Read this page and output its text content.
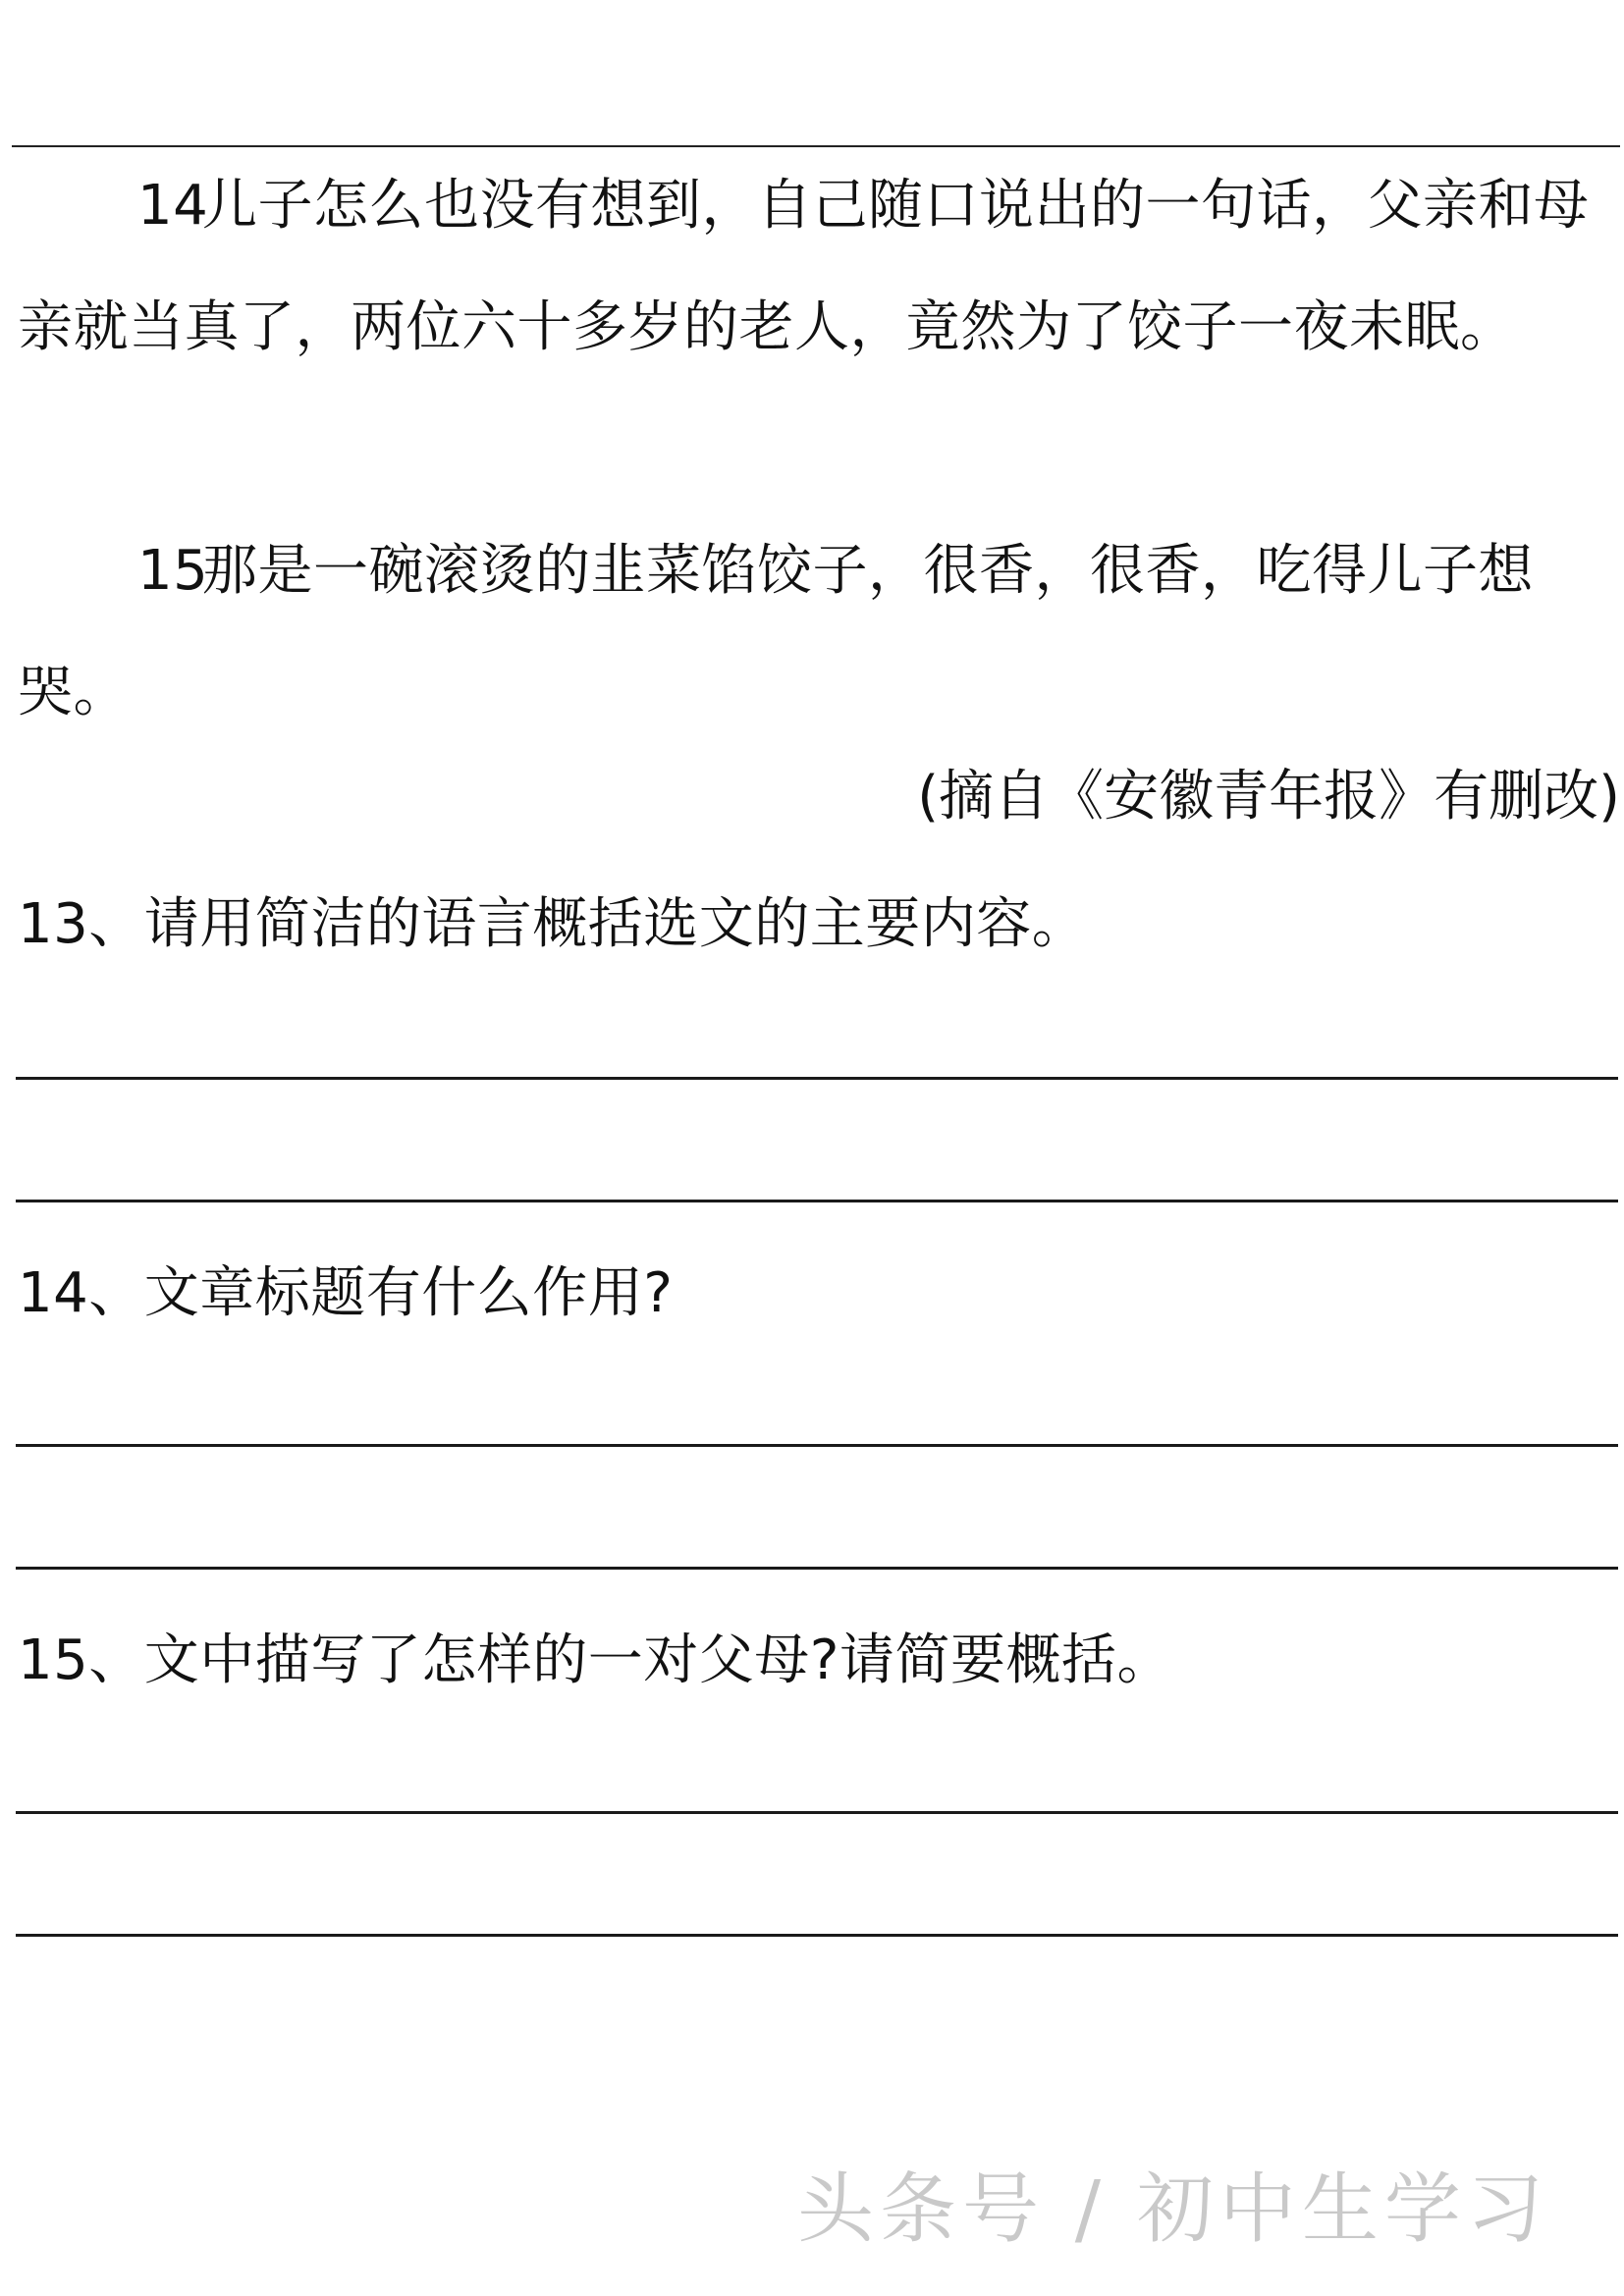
14儿子怎么也没有想到，自己随口说出的一句话，父亲和母亲就当真了，两位六十多岁的老人，竟然为了饺子一夜未眠。

15那是一碗滚烫的韭菜馅饺子，很香，很香，吃得儿子想哭。

(摘自《安徽青年报》有删改)
13、请用简洁的语言概括选文的主要内容。
14、文章标题有什么作用?
15、文中描写了怎样的一对父母?请简要概括。
头条号 / 初中生学习
